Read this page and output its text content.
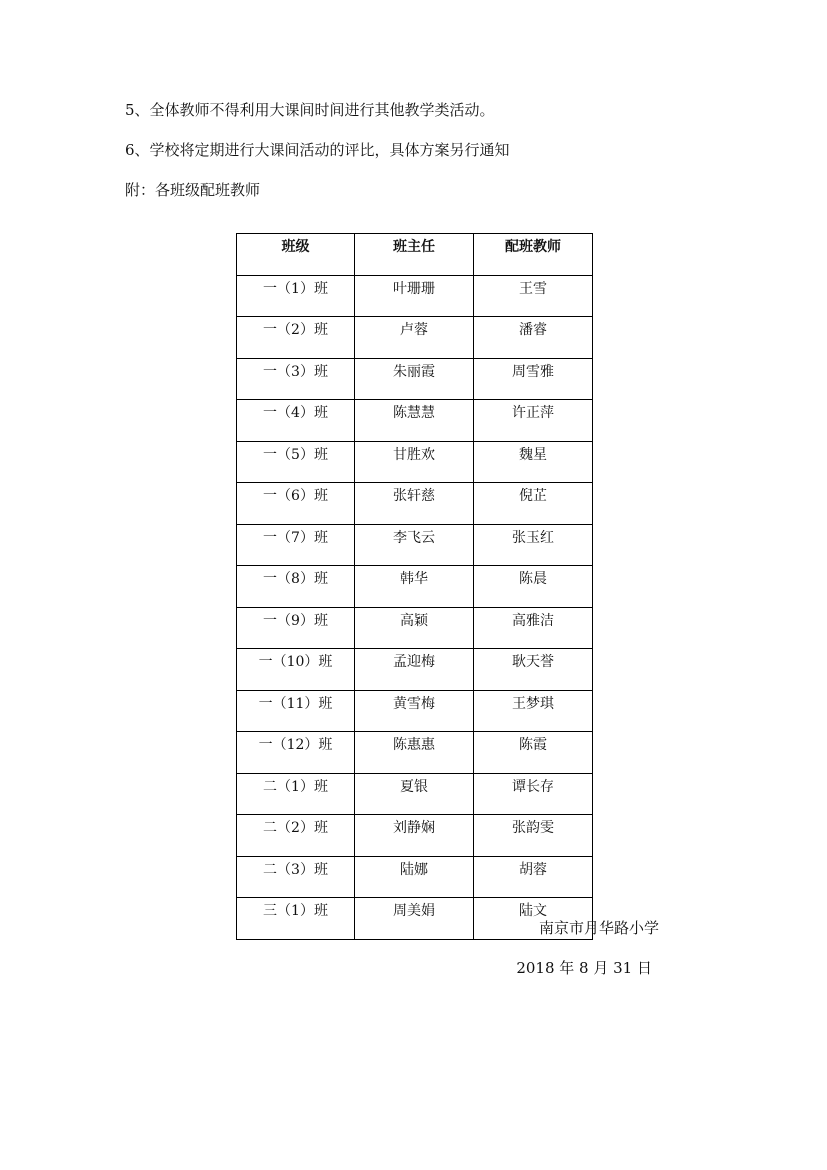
5、全体教师不得利用大课间时间进行其他教学类活动。
6、学校将定期进行大课间活动的评比，具体方案另行通知
附：各班级配班教师
班级	班主任	配班教师
一（1）班	叶珊珊	王雪
一（2）班	卢蓉	潘睿
一（3）班	朱丽霞	周雪雅
一（4）班	陈慧慧	许正萍
一（5）班	甘胜欢	魏星
一（6）班	张轩慈	倪芷
一（7）班	李飞云	张玉红
一（8）班	韩华	陈晨
一（9）班	高颖	高雅洁
一（10）班	孟迎梅	耿天誉
一（11）班	黄雪梅	王梦琪
一（12）班	陈惠惠	陈霞
二（1）班	夏银	谭长存
二（2）班	刘静娴	张韵雯
二（3）班	陆娜	胡蓉
三（1）班	周美娟	陆文
南京市月华路小学
2018 年 8 月 31 日
